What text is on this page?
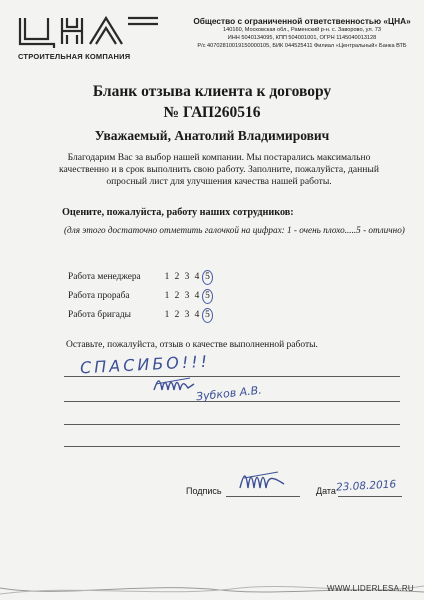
СТРОИТЕЛЬНАЯ КОМПАНИЯ
Общество с ограниченной ответственностью «ЦНА»
140160, Московская обл., Раменский р-н. с. Заворово, ул. 73
ИНН 5040134095, КПП 504001001, ОГРН 1145040013128
Р/с 40702810019150000105, БИК 044525411 Филиал «Центральный» Банка ВТБ
Бланк отзыва клиента к договору
№ ГАП260516
Уважаемый, Анатолий Владимирович
Благодарим Вас за выбор нашей компании. Мы постарались максимально качественно и в срок выполнить свою работу. Заполните, пожалуйста, данный опросный лист для улучшения качества нашей работы.
Оцените, пожалуйста, работу наших сотрудников:
(для этого достаточно отметить галочкой на цифрах: 1 - очень плохо.....5 - отлично)
Работа менеджера	1 2 3 4 5
Работа прораба	1 2 3 4 5
Работа бригады	1 2 3 4 5
Оставьте, пожалуйста, отзыв о качестве выполненной работы.
СПАСИБО!!!
Зубков А.В.
Подпись	Дата 23.08.2016
WWW.LIDERLESA.RU
